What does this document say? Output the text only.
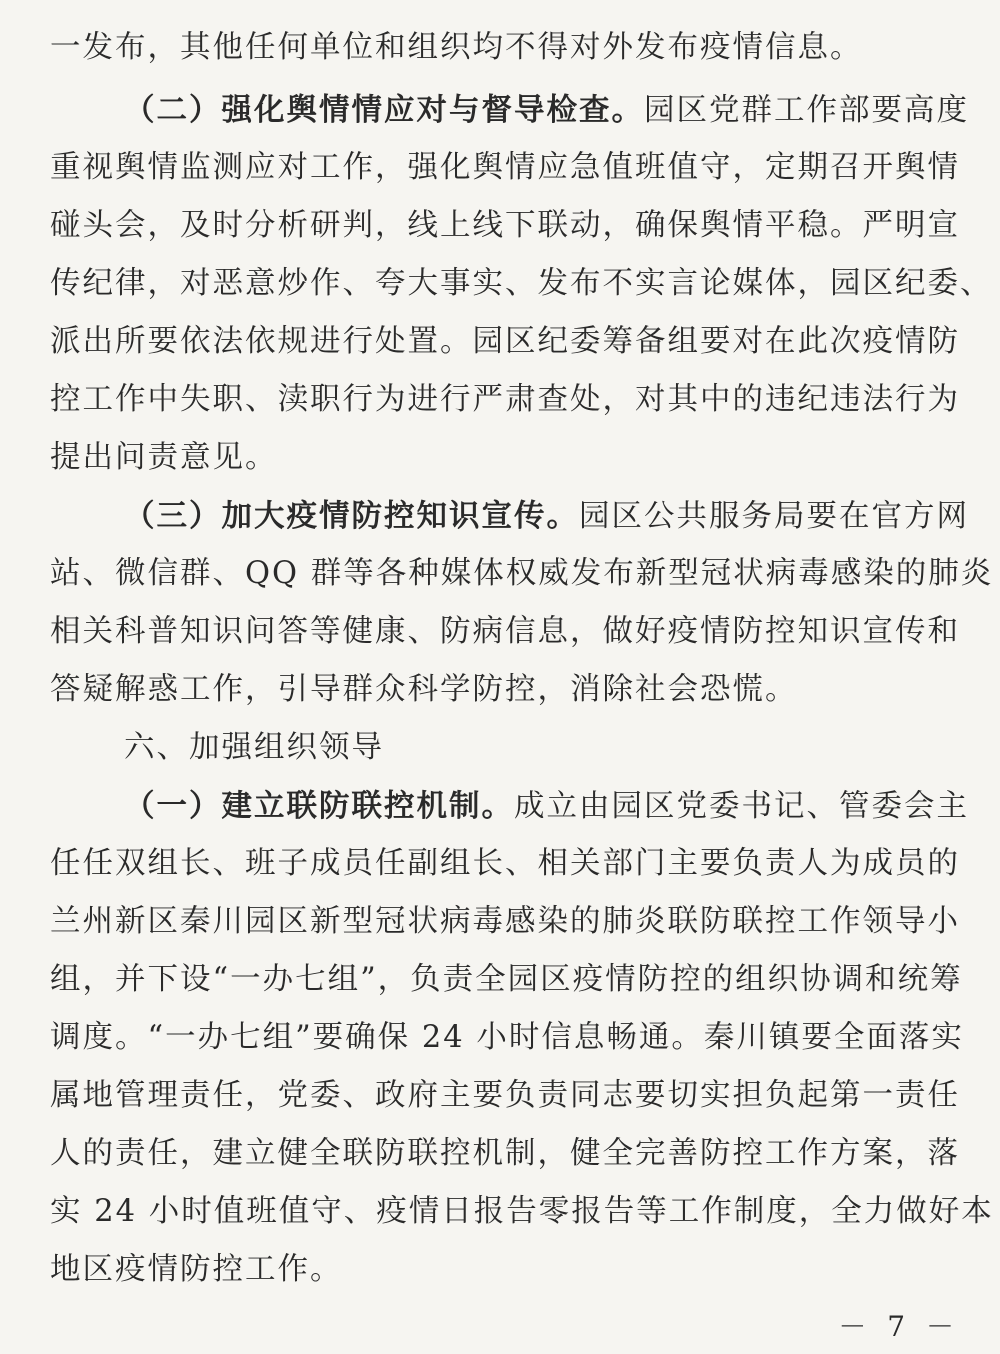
一发布，其他任何单位和组织均不得对外发布疫情信息。
（二）强化舆情情应对与督导检查。园区党群工作部要高度
重视舆情监测应对工作，强化舆情应急值班值守，定期召开舆情
碰头会，及时分析研判，线上线下联动，确保舆情平稳。严明宣
传纪律，对恶意炒作、夸大事实、发布不实言论媒体，园区纪委、
派出所要依法依规进行处置。园区纪委筹备组要对在此次疫情防
控工作中失职、渎职行为进行严肃查处，对其中的违纪违法行为
提出问责意见。
（三）加大疫情防控知识宣传。园区公共服务局要在官方网
站、微信群、QQ 群等各种媒体权威发布新型冠状病毒感染的肺炎
相关科普知识问答等健康、防病信息，做好疫情防控知识宣传和
答疑解惑工作，引导群众科学防控，消除社会恐慌。
六、加强组织领导
（一）建立联防联控机制。成立由园区党委书记、管委会主
任任双组长、班子成员任副组长、相关部门主要负责人为成员的
兰州新区秦川园区新型冠状病毒感染的肺炎联防联控工作领导小
组，并下设“一办七组”，负责全园区疫情防控的组织协调和统筹
调度。“一办七组”要确保 24 小时信息畅通。秦川镇要全面落实
属地管理责任，党委、政府主要负责同志要切实担负起第一责任
人的责任，建立健全联防联控机制，健全完善防控工作方案，落
实 24 小时值班值守、疫情日报告零报告等工作制度，全力做好本
地区疫情防控工作。
－ 7 －
